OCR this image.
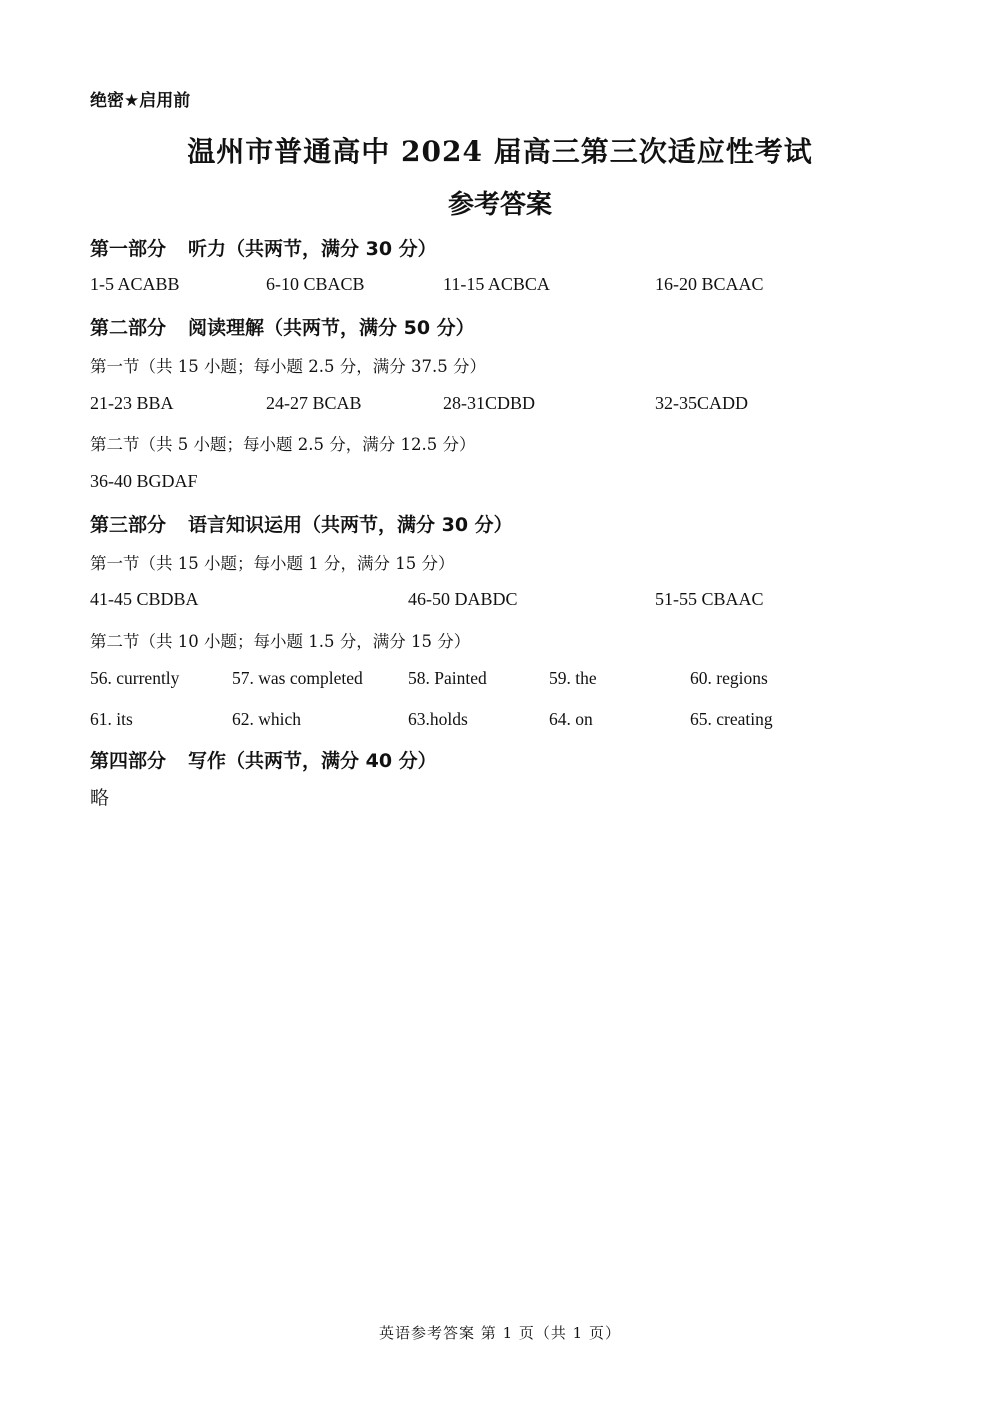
绝密★启用前
温州市普通高中 2024 届高三第三次适应性考试
参考答案
第一部分 听力（共两节，满分 30 分）
1-5 ACABB	6-10 CBACB	11-15 ACBCA	16-20 BCAAC
第二部分 阅读理解（共两节，满分 50 分）
第一节（共 15 小题；每小题 2.5 分，满分 37.5 分）
21-23 BBA	24-27 BCAB	28-31CDBD	32-35CADD
第二节（共 5 小题；每小题 2.5 分，满分 12.5 分）
36-40 BGDAF
第三部分 语言知识运用（共两节，满分 30 分）
第一节（共 15 小题；每小题 1 分，满分 15 分）
41-45 CBDBA	46-50 DABDC	51-55 CBAAC
第二节（共 10 小题；每小题 1.5 分，满分 15 分）
56. currently	57. was completed	58. Painted	59. the	60. regions
61. its	62. which	63.holds	64. on	65. creating
第四部分 写作（共两节，满分 40 分）
略
英语参考答案 第 1 页（共 1 页）
